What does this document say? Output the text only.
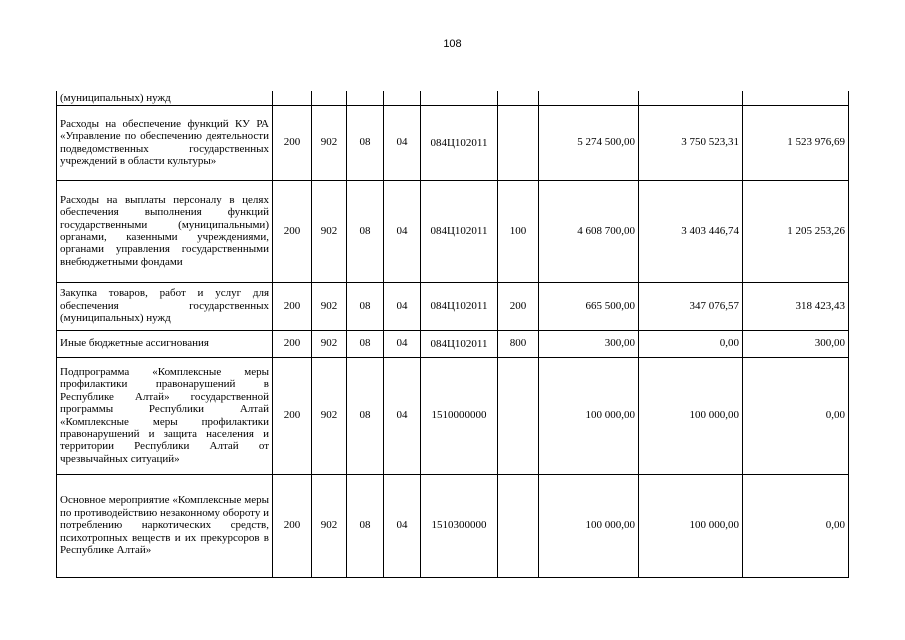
108
(муниципальных) нужд									
Расходы на обеспечение функций КУ РА «Управление по обеспечению деятельности подведомственных государственных учреждений в области культуры»	200	902	08	04	084Ц102011		5 274 500,00	3 750 523,31	1 523 976,69
Расходы на выплаты персоналу в целях обеспечения выполнения функций государственными (муниципальными) органами, казенными учреждениями, органами управления государственными внебюджетными фондами	200	902	08	04	084Ц102011	100	4 608 700,00	3 403 446,74	1 205 253,26
Закупка товаров, работ и услуг для обеспечения государственных (муниципальных) нужд	200	902	08	04	084Ц102011	200	665 500,00	347 076,57	318 423,43
Иные бюджетные ассигнования	200	902	08	04	084Ц102011	800	300,00	0,00	300,00
Подпрограмма «Комплексные меры профилактики правонарушений в Республике Алтай» государственной программы Республики Алтай «Комплексные меры профилактики правонарушений и защита населения и территории Республики Алтай от чрезвычайных ситуаций»	200	902	08	04	1510000000		100 000,00	100 000,00	0,00
Основное мероприятие «Комплексные меры по противодействию незаконному обороту и потреблению наркотических средств, психотропных веществ и их прекурсоров в Республике Алтай»	200	902	08	04	1510300000		100 000,00	100 000,00	0,00
